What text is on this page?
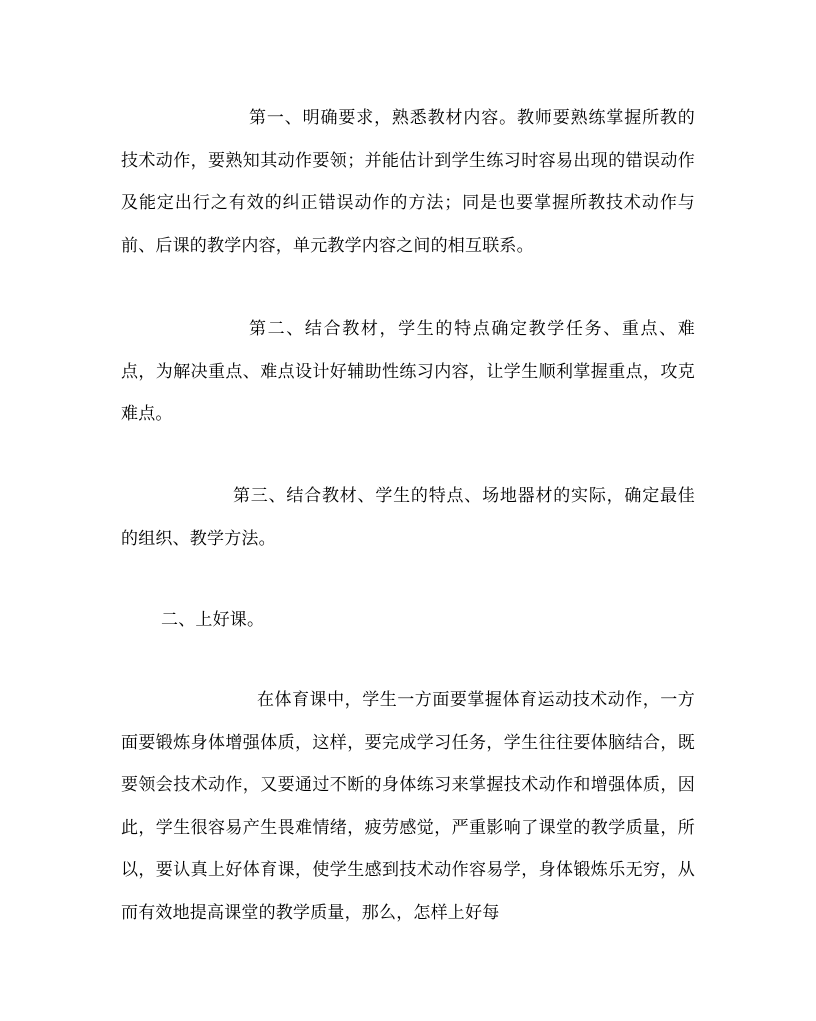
第一、明确要求，熟悉教材内容。教师要熟练掌握所教的技术动作，要熟知其动作要领；并能估计到学生练习时容易出现的错误动作及能定出行之有效的纠正错误动作的方法；同是也要掌握所教技术动作与前、后课的教学内容，单元教学内容之间的相互联系。

第二、结合教材，学生的特点确定教学任务、重点、难点，为解决重点、难点设计好辅助性练习内容，让学生顺利掌握重点，攻克难点。

第三、结合教材、学生的特点、场地器材的实际，确定最佳的组织、教学方法。

二、上好课。

在体育课中，学生一方面要掌握体育运动技术动作，一方面要锻炼身体增强体质，这样，要完成学习任务，学生往往要体脑结合，既要领会技术动作，又要通过不断的身体练习来掌握技术动作和增强体质，因此，学生很容易产生畏难情绪，疲劳感觉，严重影响了课堂的教学质量，所以，要认真上好体育课，使学生感到技术动作容易学，身体锻炼乐无穷，从而有效地提高课堂的教学质量，那么，怎样上好每
